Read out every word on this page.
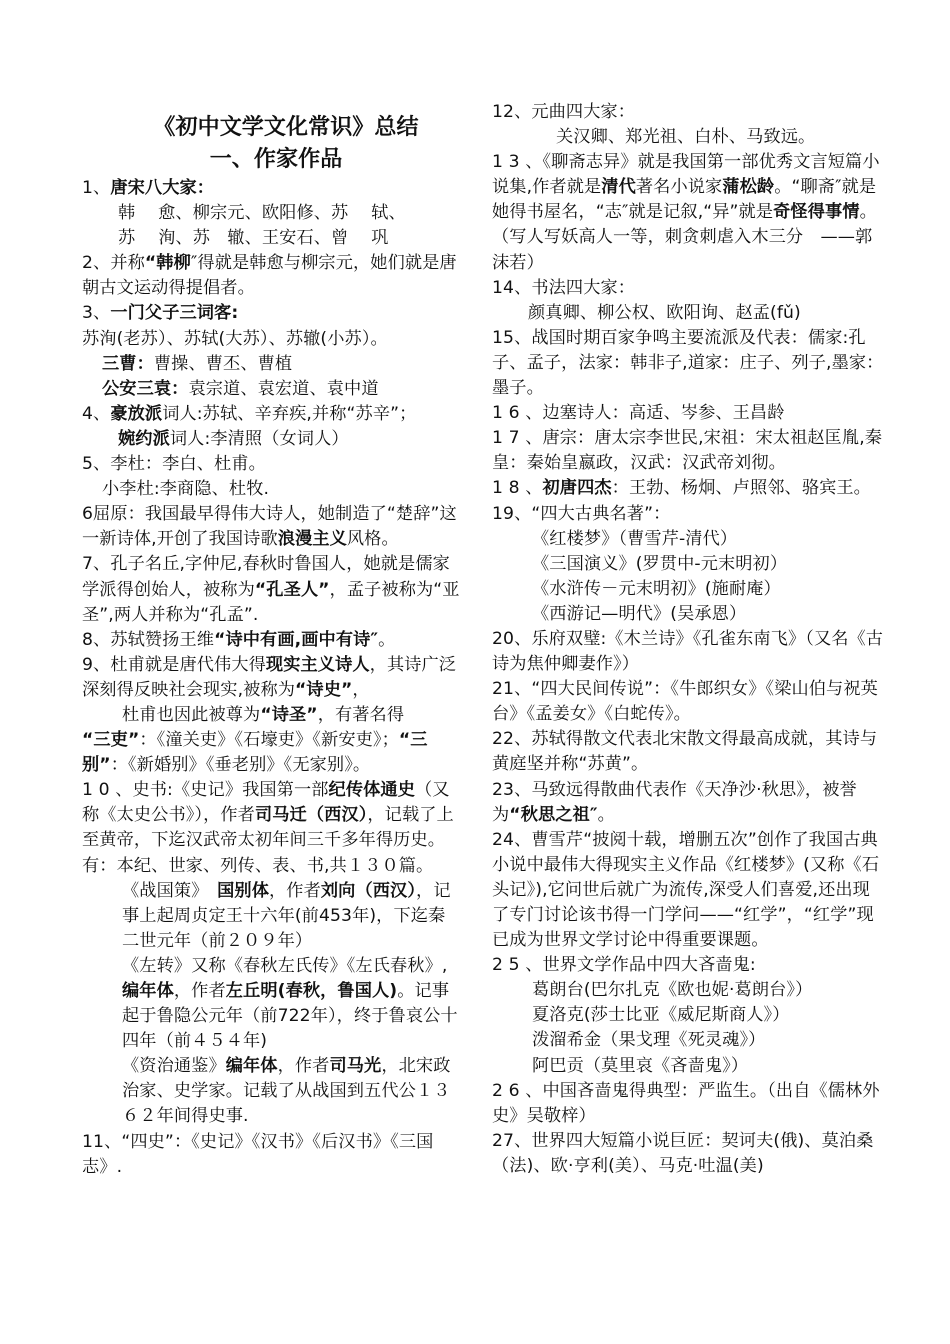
《初中文学文化常识》总结
一、作家作品

1、唐宋八大家：

韩　 愈、柳宗元、欧阳修、苏　 轼、

苏　 洵、苏　辙、王安石、曾　 巩

2、并称“韩柳″得就是韩愈与柳宗元，她们就是唐朝古文运动得提倡者。

3、一门父子三词客:

苏洵(老苏）、苏轼(大苏）、苏辙(小苏）。

三曹：曹操、曹丕、曹植

公安三袁：袁宗道、袁宏道、袁中道

4、豪放派词人:苏轼、辛弃疾,并称“苏辛”；

婉约派词人:李清照（女词人）

5、李杜：李白、杜甫。

小李杜:李商隐、杜牧.

6屈原：我国最早得伟大诗人，她制造了“楚辞”这一新诗体,开创了我国诗歌浪漫主义风格。

7、孔子名丘,字仲尼,春秋时鲁国人，她就是儒家学派得创始人，被称为“孔圣人”，孟子被称为“亚圣”,两人并称为“孔孟”.

8、苏轼赞扬王维“诗中有画,画中有诗″。

9、杜甫就是唐代伟大得现实主义诗人，其诗广泛深刻得反映社会现实,被称为“诗史”，

杜甫也因此被尊为“诗圣”，有著名得

“三吏”：《潼关吏》《石壕吏》《新安吏》；“三别”：《新婚别》《垂老别》《无家别》。

1 0 、史书:《史记》我国第一部纪传体通史（又称《太史公书》），作者司马迁（西汉），记载了上至黄帝，下迄汉武帝太初年间三千多年得历史。有：本纪、世家、列传、表、书,共１３０篇。

《战国策》　国别体，作者刘向（西汉），记事上起周贞定王十六年(前453年)，下迄秦二世元年（前２０９年）

《左转》又称《春秋左氏传》《左氏春秋》,编年体，作者左丘明(春秋，鲁国人)。记事起于鲁隐公元年（前722年），终于鲁哀公十四年（前４５４年)

《资治通鉴》编年体，作者司马光，北宋政治家、史学家。记载了从战国到五代公１３６２年间得史事.

11、“四史”：《史记》《汉书》《后汉书》《三国志》.

12、元曲四大家：

关汉卿、郑光祖、白朴、马致远。

1 3 、《聊斋志异》就是我国第一部优秀文言短篇小说集,作者就是清代著名小说家蒲松龄。“聊斋″就是她得书屋名，“志″就是记叙,“异”就是奇怪得事情。（写人写妖高人一等，刺贪刺虐入木三分　——郭沫若）

14、书法四大家：

颜真卿、柳公权、欧阳询、赵孟(fǔ)

15、战国时期百家争鸣主要流派及代表：儒家:孔子、孟子，法家：韩非子,道家：庄子、列子,墨家：墨子。

1 6 、边塞诗人：高适、岑参、王昌龄

1 7 、唐宗：唐太宗李世民,宋祖：宋太祖赵匡胤,秦皇：秦始皇嬴政，汉武：汉武帝刘彻。

1 8 、初唐四杰：王勃、杨炯、卢照邻、骆宾王。

19、“四大古典名著”：

《红楼梦》（曹雪芹-清代）

《三国演义》(罗贯中-元末明初）

《水浒传－元末明初》(施耐庵）

《西游记—明代》(吴承恩）

20、乐府双璧:《木兰诗》《孔雀东南飞》（又名《古诗为焦仲卿妻作》）

21、“四大民间传说”：《牛郎织女》《梁山伯与祝英台》《孟姜女》《白蛇传》。

22、苏轼得散文代表北宋散文得最高成就，其诗与黄庭坚并称“苏黄”。

23、马致远得散曲代表作《天净沙·秋思》，被誉为“秋思之祖″。

24、曹雪芹“披阅十载，增删五次”创作了我国古典小说中最伟大得现实主义作品《红楼梦》(又称《石头记》),它问世后就广为流传,深受人们喜爱,还出现了专门讨论该书得一门学问——“红学”，“红学”现已成为世界文学讨论中得重要课题。

2 5 、世界文学作品中四大吝啬鬼:

葛朗台(巴尔扎克《欧也妮·葛朗台》）

夏洛克(莎士比亚《威尼斯商人》）

泼溜希金（果戈理《死灵魂》）

阿巴贡（莫里哀《吝啬鬼》）

2 6 、中国吝啬鬼得典型：严监生。（出自《儒林外史》吴敬梓）

27、世界四大短篇小说巨匠：契诃夫(俄)、莫泊桑（法)、欧·亨利(美）、马克·吐温(美)
